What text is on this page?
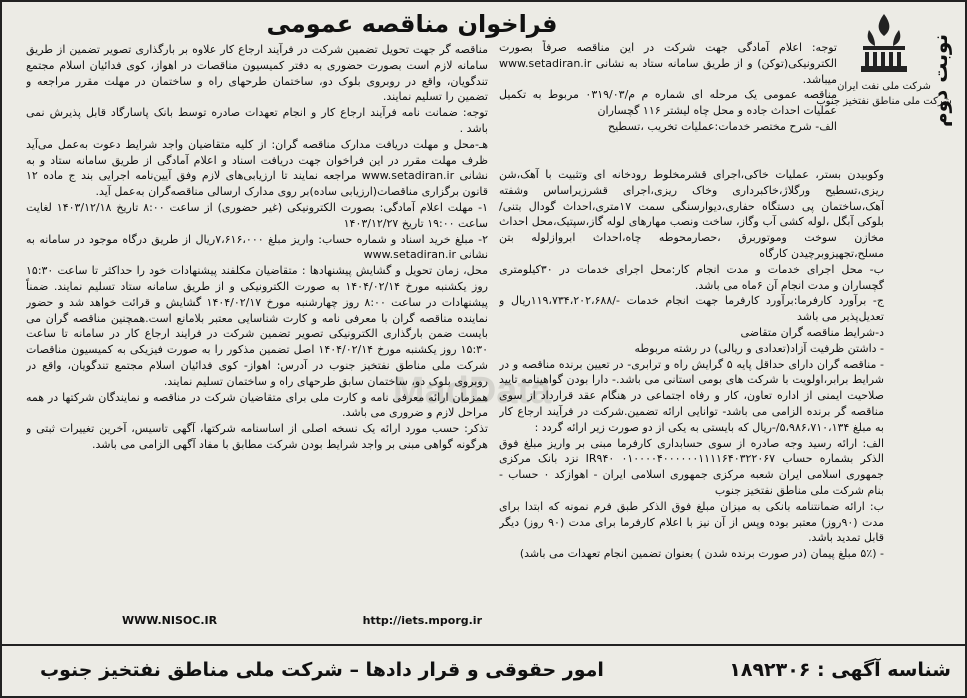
نوبت دوم
شرکت ملی نفت ایران
شرکت ملی مناطق نفتخیز جنوب
فراخوان مناقصه عمومی

توجه: اعلام آمادگی جهت شرکت در این مناقصه صرفاً بصورت الکترونیکی(توکن) و از طریق سامانه ستاد به نشانی www.setadiran.ir میباشد.

مناقصه عمومی یک مرحله ای شماره م م/۰۳۱۹/۰۳ مربوط به تکمیل عملیات احداث جاده و محل چاه لیشتر ۱۱۶ گچساران

الف- شرح مختصر خدمات:عملیات تخریب ،تسطیح

وکوبیدن بستر، عملیات خاکی،اجرای قشرمخلوط رودخانه ای وتثبیت با آهک،شن ریزی،تسطیح ورگلاژ،خاکبرداری وخاک ریزی،اجرای قشرزیراساس وشفته آهک،ساختمان پی دستگاه حفاری،دیوارسنگی سمت ۱۷متری،احداث گودال بتنی/بلوکی آبگل ،لوله کشی آب وگاز، ساخت ونصب مهارهای لوله گاز،سپتیک،محل احداث مخازن سوخت وموتوربرق ،حصارمحوطه چاه،احداث ابروازلوله بتن مسلح،تجهیزوبرچیدن کارگاه

ب- محل اجرای خدمات و مدت انجام کار:محل اجرای خدمات در ۳۰کیلومتری گچساران و مدت انجام آن ۶ماه می باشد.

ج- برآورد کارفرما:برآورد کارفرما جهت انجام خدمات -/۱۱۹،۷۳۴،۲۰۲،۶۸۸ریال و تعدیل‌پذیر می باشد

د-شرایط مناقصه گران متقاضی

- داشتن ظرفیت آزاد(تعدادی و ریالی) در رشته مربوطه

- مناقصه گران دارای حداقل پایه ۵ گرایش راه و ترابری- در تعیین برنده مناقصه و در شرایط برابر،اولویت با شرکت های بومی استانی می باشد.- دارا بودن گواهینامه تایید صلاحیت ایمنی از اداره تعاون، کار و رفاه اجتماعی در هنگام عقد قرارداد از سوی مناقصه گر برنده الزامی می باشد- توانایی ارائه تضمین.شرکت در فرآیند ارجاع کار به مبلغ ۵،۹۸۶،۷۱۰،۱۳۴/-ریال که بایستی به یکی از دو صورت زیر ارائه گردد :

الف: ارائه رسید وجه صادره از سوی حسابداری کارفرما مبنی بر واریز مبلغ فوق الذکر بشماره حساب ۰۱۰۰۰۰۴۰۰۰۰۰۰۱۱۱۱۶۴۰۳۲۲۰۶۷ IR۹۴۰ نزد بانک مرکزی جمهوری اسلامی ایران شعبه مرکزی جمهوری اسلامی ایران - اهوازکد ۰ حساب - بنام شرکت ملی مناطق نفتخیز جنوب

ب: ارائه ضمانتنامه بانکی به میزان مبلغ فوق الذکر طبق فرم نمونه که ابتدا برای مدت (۹۰روز) معتبر بوده وپس از آن نیز با اعلام کارفرما برای مدت (۹۰ روز) دیگر قابل تمدید باشد.

- (۵٪ مبلغ پیمان (در صورت برنده شدن ) بعنوان تضمین انجام تعهدات می باشد)

مناقصه گر جهت تحویل تضمین شرکت در فرآیند ارجاع کار علاوه بر بارگذاری تصویر تضمین از طریق سامانه لازم است بصورت حضوری به دفتر کمیسیون مناقصات در اهواز، کوی فدائیان اسلام مجتمع تندگویان، واقع در روبروی بلوک دو، ساختمان طرحهای راه و ساختمان در مهلت مقرر مراجعه و تضمین را تسلیم نمایند.

توجه: ضمانت نامه فرآیند ارجاع کار و انجام تعهدات صادره توسط بانک پاسارگاد قابل پذیرش نمی باشد .

هـ-محل و مهلت دریافت مدارک مناقصه گران: از کلیه متقاضیان واجد شرایط دعوت به‌عمل می‌آید ظرف مهلت مقرر در این فراخوان جهت دریافت اسناد و اعلام آمادگی از طریق سامانه ستاد و به نشانی www.setadiran.ir مراجعه نمایند تا ارزیابی‌های لازم وفق آیین‌نامه اجرایی بند ج ماده ۱۲ قانون برگزاری مناقصات(ارزیابی ساده)بر روی مدارک ارسالی مناقصه‌گران به‌عمل آید.

۱- مهلت اعلام آمادگی: بصورت الکترونیکی (غیر حضوری) از ساعت ۸:۰۰ تاریخ ۱۴۰۳/۱۲/۱۸ لغایت ساعت ۱۹:۰۰ تاریخ ۱۴۰۳/۱۲/۲۷

۲- مبلغ خرید اسناد و شماره حساب: واریز مبلغ ۷،۶۱۶،۰۰۰ریال از طریق درگاه موجود در سامانه به نشانی www.setadiran.ir

محل، زمان تحویل و گشایش پیشنهادها : متقاضیان مکلفند پیشنهادات خود را حداکثر تا ساعت ۱۵:۳۰ روز یکشنبه مورخ ۱۴۰۴/۰۲/۱۴ به صورت الکترونیکی و از طریق سامانه ستاد تسلیم نمایند. ضمناً پیشنهادات در ساعت ۸:۰۰ روز چهارشنبه مورخ ۱۴۰۴/۰۲/۱۷ گشایش و قرائت خواهد شد و حضور نماینده مناقصه گران با معرفی نامه و کارت شناسایی معتبر بلامانع است.همچنین مناقصه گران می بایست ضمن بارگذاری الکترونیکی تصویر تضمین شرکت در فرایند ارجاع کار در سامانه تا ساعت ۱۵:۳۰ روز یکشنبه مورخ ۱۴۰۴/۰۲/۱۴ اصل تضمین مذکور را به صورت فیزیکی به کمیسیون مناقصات شرکت ملی مناطق نفتخیز جنوب در آدرس: اهواز- کوی فدائیان اسلام مجتمع تندگویان، واقع در روبروی بلوک دو، ساختمان سابق طرحهای راه و ساختمان تسلیم نمایند.

همزمان ارائه معرفی نامه و کارت ملی برای متقاضیان شرکت در مناقصه و نمایندگان شرکتها در همه مراحل لازم و ضروری می باشد.

تذکر: حسب مورد ارائه یک نسخه اصلی از اساسنامه شرکتها، آگهی تاسیس، آخرین تغییرات ثبتی و هرگونه گواهی مبنی بر واجد شرایط بودن شرکت مطابق با مفاد آگهی الزامی می باشد.

MadData
WWW.NISOC.IR	http://iets.mporg.ir
شناسه آگهی : ۱۸۹۲۳۰۶
امور حقوقی و قرار دادها – شرکت ملی مناطق نفتخیز جنوب
